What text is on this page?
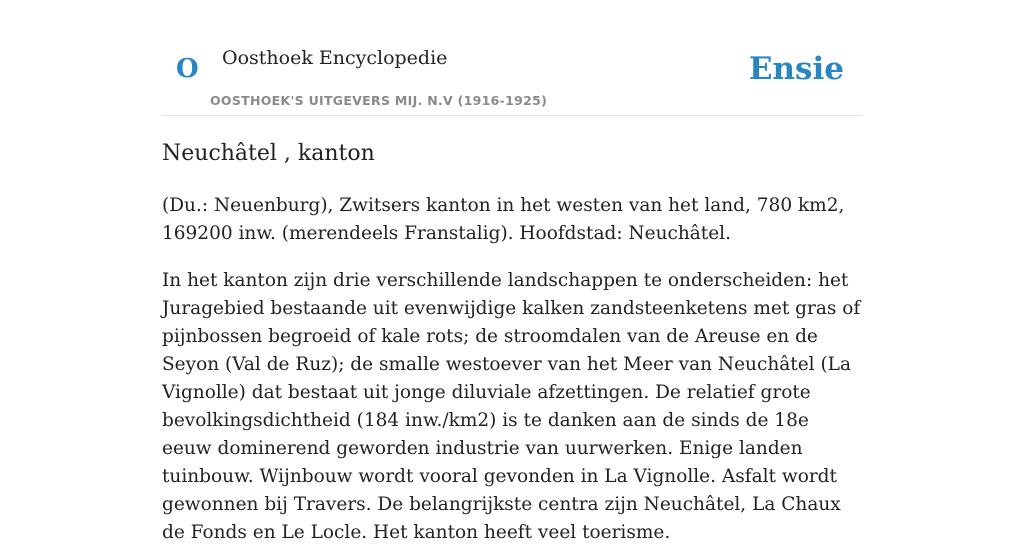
O Oosthoek Encyclopedie
OOSTHOEK'S UITGEVERS MIJ. N.V (1916-1925)
Ensie
Neuchâtel , kanton

(Du.: Neuenburg), Zwitsers kanton in het westen van het land, 780 km2, 169200 inw. (merendeels Franstalig). Hoofdstad: Neuchâtel.

In het kanton zijn drie verschillende landschappen te onderscheiden: het Juragebied bestaande uit evenwijdige kalken zandsteenketens met gras of pijnbossen begroeid of kale rots; de stroomdalen van de Areuse en de Seyon (Val de Ruz); de smalle westoever van het Meer van Neuchâtel (La Vignolle) dat bestaat uit jonge diluviale afzettingen. De relatief grote bevolkingsdichtheid (184 inw./km2) is te danken aan de sinds de 18e eeuw dominerend geworden industrie van uurwerken. Enige landen tuinbouw. Wijnbouw wordt vooral gevonden in La Vignolle. Asfalt wordt gewonnen bij Travers. De belangrijkste centra zijn Neuchâtel, La Chaux de Fonds en Le Locle. Het kanton heeft veel toerisme.
